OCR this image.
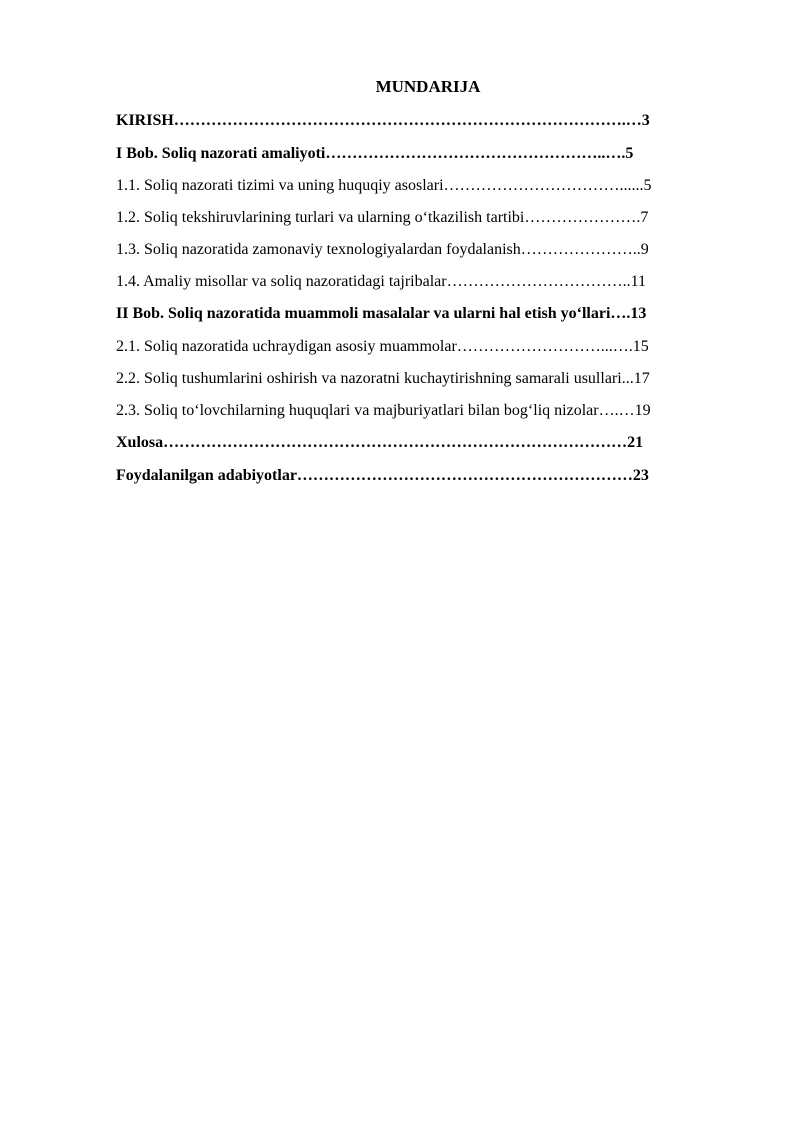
MUNDARIJA
KIRISH………………………………………………………………………….…3
I Bob. Soliq nazorati amaliyoti……………………………………………..….5
1.1. Soliq nazorati tizimi va uning huquqiy asoslari……………………………......5
1.2. Soliq tekshiruvlarining turlari va ularning o‘tkazilish tartibi………………….7
1.3. Soliq nazoratida zamonaviy texnologiyalardan foydalanish…………………..9
1.4. Amaliy misollar va soliq nazoratidagi tajribalar……………………………..11
II Bob. Soliq nazoratida muammoli masalalar va ularni hal etish yo‘llari….13
2.1. Soliq nazoratida uchraydigan asosiy muammolar………………………...….15
2.2. Soliq tushumlarini oshirish va nazoratni kuchaytirishning samarali usullari...17
2.3. Soliq to‘lovchilarning huquqlari va majburiyatlari bilan bog‘liq nizolar….…19
Xulosa……………………………………………………………………………21
Foydalanilgan adabiyotlar………………………………………………………23
